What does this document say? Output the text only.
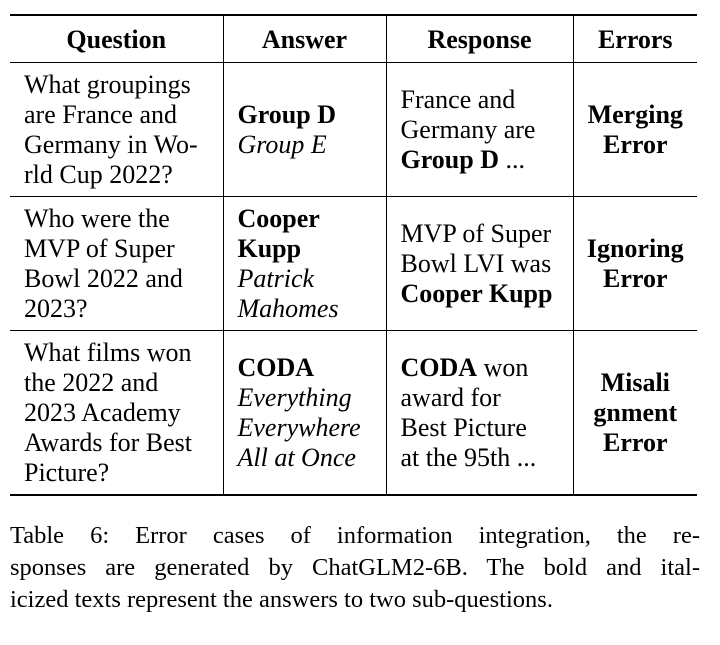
Question	Answer	Response	Errors

What groupings
are France and
Germany in Wo-
rld Cup 2022?	Group D
Group E	France and
Germany are
Group D ...	Merging
Error

Who were the
MVP of Super
Bowl 2022 and
2023?	Cooper
Kupp
Patrick
Mahomes	MVP of Super
Bowl LVI was
Cooper Kupp	Ignoring
Error

What films won
the 2022 and
2023 Academy
Awards for Best
Picture?	CODA
Everything
Everywhere
All at Once	CODA won
award for
Best Picture
at the 95th ...	Misali
gnment
Error
Table 6: Error cases of information integration, the re-
sponses are generated by ChatGLM2-6B. The bold and ital-
icized texts represent the answers to two sub-questions.
